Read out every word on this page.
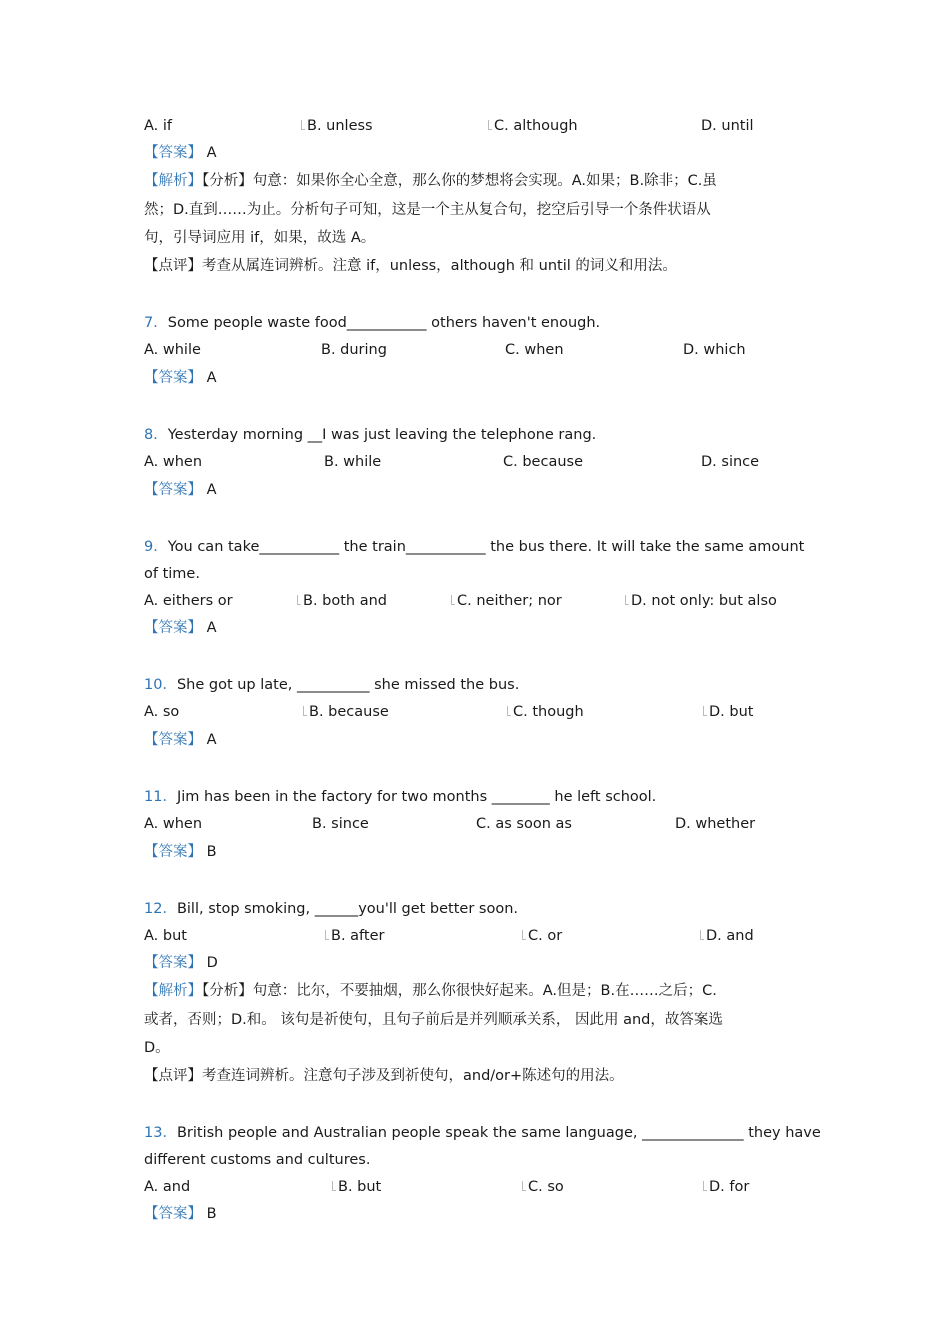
A. if	B. unless	C. although	D. until
【答案】 A
【解析】【分析】句意：如果你全心全意，那么你的梦想将会实现。A.如果；B.除非；C.虽
然；D.直到……为止。分析句子可知，这是一个主从复合句，挖空后引导一个条件状语从
句，引导词应用 if，如果，故选 A。
【点评】考查从属连词辨析。注意 if，unless，although 和 until 的词义和用法。
7．Some people waste food___________ others haven't enough.
A. while	B. during	C. when	D. which
【答案】 A
8．Yesterday morning __I was just leaving the telephone rang.
A. when	B. while	C. because	D. since
【答案】 A
9．You can take___________ the train___________ the bus there. It will take the same amount
of time.
A. eithers or	B. both and	C. neither; nor	D. not only: but also
【答案】 A
10．She got up late, __________ she missed the bus.
A. so	B. because	C. though	D. but
【答案】 A
11．Jim has been in the factory for two months ________ he left school.
A. when	B. since	C. as soon as	D. whether
【答案】 B
12．Bill, stop smoking, ______you'll get better soon.
A. but	B. after	C. or	D. and
【答案】 D
【解析】【分析】句意：比尔，不要抽烟，那么你很快好起来。A.但是；B.在……之后；C.
或者，否则；D.和。 该句是祈使句，且句子前后是并列顺承关系， 因此用 and，故答案选
D。
【点评】考查连词辨析。注意句子涉及到祈使句，and/or+陈述句的用法。
13．British people and Australian people speak the same language, ______________ they have
different customs and cultures.
A. and	B. but	C. so	D. for
【答案】 B
